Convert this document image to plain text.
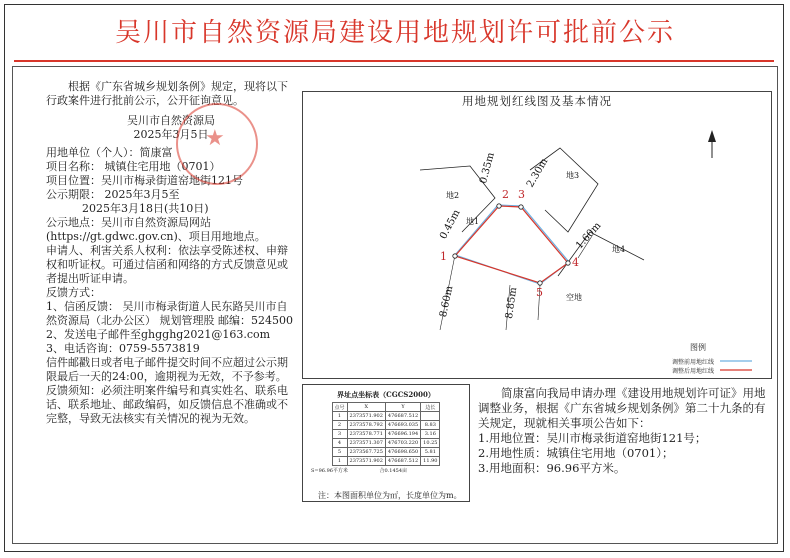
吴川市自然资源局建设用地规划许可批前公示

根据《广东省城乡规划条例》规定，现将以下行政案件进行批前公示，公开征询意见。

吴川市自然资源局

2025年3月5日

用地单位（个人）：简康富

项目名称： 城镇住宅用地（0701）

项目位置：吴川市梅录街道窑地街121号

公示期限： 2025年3月5至

2025年3月18日(共10日)

公示地点：吴川市自然资源局网站

(https://gt.gdwc.gov.cn)、项目用地地点。

申请人、利害关系人权利：依法享受陈述权、申辩权和听证权。可通过信函和网络的方式反馈意见或者提出听证申请。

反馈方式：

1、信函反馈： 吴川市梅录街道人民东路吴川市自然资源局（北办公区） 规划管理股 邮编：524500

2、发送电子邮件至ghgghg2021@163.com

3、电话咨询：0759-5573819

信件邮戳日或者电子邮件提交时间不应超过公示期限最后一天的24:00，逾期视为无效，不予参考。

反馈须知：必须注明案件编号和真实姓名、联系电话、联系地址、邮政编码，如反馈信息不准确或不完整，导致无法核实有关情况的视为无效。

★
用地规划红线图及基本情况
1
2 3
4
5
0.35m	2.30m
0.45m	1.60m
8.60m	8.85m
地2
地3
地4
地1
空地
图例
调整前用地红线
调整后用地红线
界址点坐标表（CGCS2000）
点号	X	Y	边长
1	2373571.902	476687.512	
2	2373578.792	476693.035	8.83
3	2373578.771	476696.194	3.16
4	2373571.307	476703.220	10.25
5	2373567.725	476698.650	5.81
1	2373571.902	476687.512	11.90
S=96.96平方米	合0.1454亩

简康富向我局申请办理《建设用地规划许可证》用地调整业务，根据《广东省城乡规划条例》第二十九条的有关规定，现就相关事项公告如下：

1.用地位置：吴川市梅录街道窑地街121号；

2.用地性质：城镇住宅用地（0701）；

3.用地面积：96.96平方米。

注：本图面积单位为㎡，长度单位为m。
